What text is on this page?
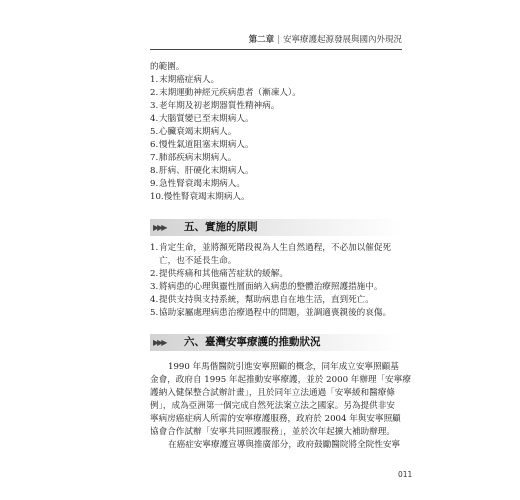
第二章 | 安寧療護起源發展與國內外現況
的範圍。
1.末期癌症病人。
2.末期運動神經元疾病患者（漸凍人）。
3.老年期及初老期器質性精神病。
4.大腦質變已至末期病人。
5.心臟衰竭末期病人。
6.慢性氣道阻塞末期病人。
7.肺部疾病末期病人。
8.肝病、肝硬化末期病人。
9.急性腎衰竭末期病人。
10.慢性腎衰竭末期病人。
▶▶▶ 五、實施的原則
1.肯定生命，並將瀕死階段視為人生自然過程，不必加以催促死
亡，也不延長生命。
2.提供疼痛和其他痛苦症狀的緩解。
3.將病患的心理與靈性層面納入病患的整體治療照護措施中。
4.提供支持與支持系統，幫助病患自在地生活，直到死亡。
5.協助家屬處理病患治療過程中的問題，並調適喪親後的哀傷。
▶▶▶ 六、臺灣安寧療護的推動狀況
1990 年馬偕醫院引進安寧照顧的概念，同年成立安寧照顧基
金會，政府自 1995 年起推動安寧療護，並於 2000 年辦理「安寧療
護納入健保整合試辦計畫」，且於同年立法通過「安寧緩和醫療條
例」，成為亞洲第一個完成自然死法案立法之國家。另為提供非安
寧病房癌症病人所需的安寧療護服務，政府於 2004 年與安寧照顧
協會合作試辦「安寧共同照護服務」，並於次年起擴大補助辦理。
在癌症安寧療護宣導與推廣部分，政府鼓勵醫院將全院性安寧
011
